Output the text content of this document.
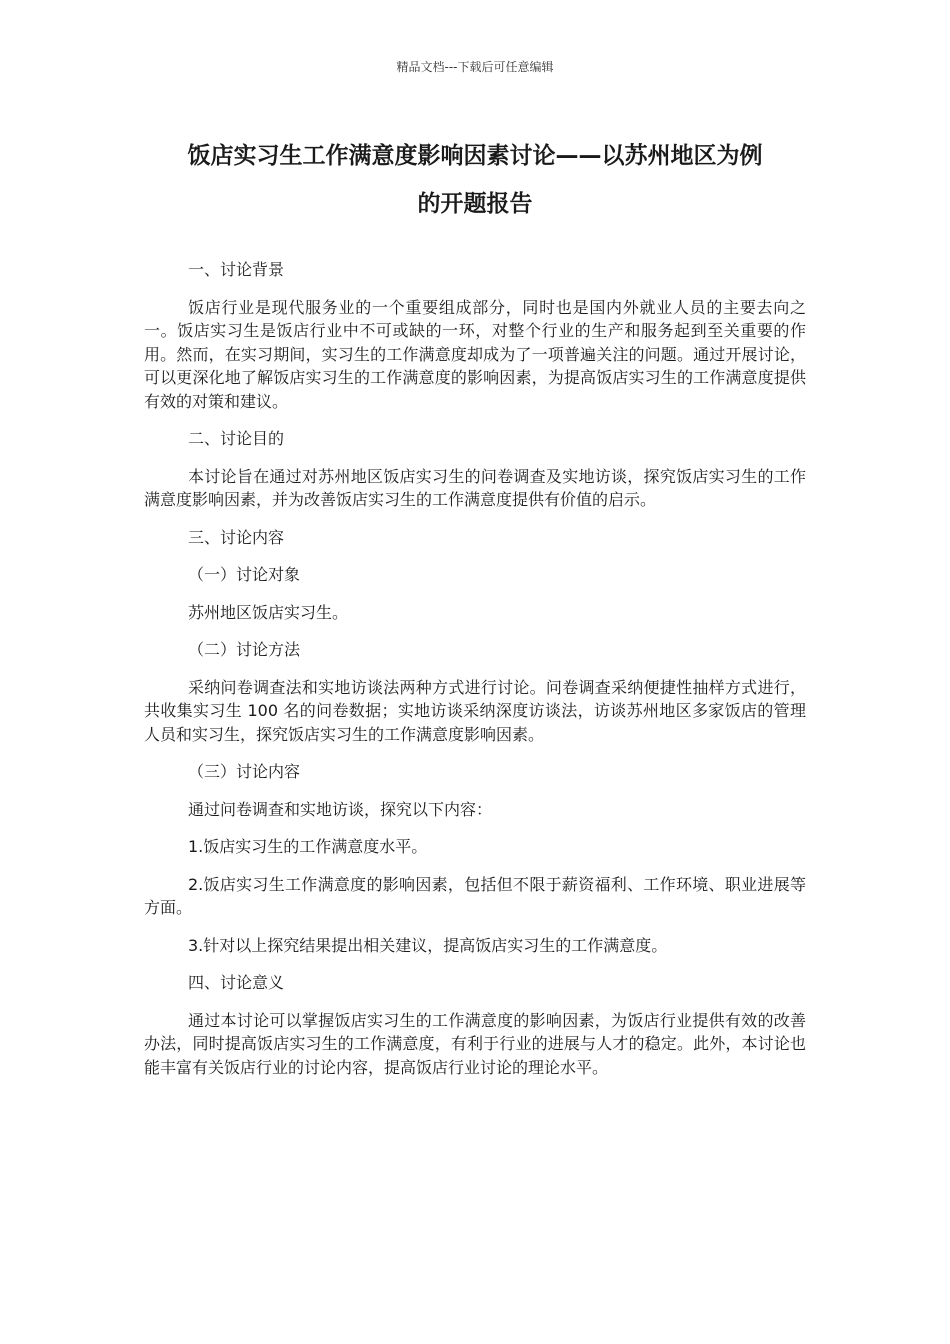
精品文档---下载后可任意编辑
饭店实习生工作满意度影响因素讨论——以苏州地区为例
的开题报告

一、讨论背景

饭店行业是现代服务业的一个重要组成部分，同时也是国内外就业人员的主要去向之一。饭店实习生是饭店行业中不可或缺的一环，对整个行业的生产和服务起到至关重要的作用。然而，在实习期间，实习生的工作满意度却成为了一项普遍关注的问题。通过开展讨论，可以更深化地了解饭店实习生的工作满意度的影响因素，为提高饭店实习生的工作满意度提供有效的对策和建议。

二、讨论目的

本讨论旨在通过对苏州地区饭店实习生的问卷调查及实地访谈，探究饭店实习生的工作满意度影响因素，并为改善饭店实习生的工作满意度提供有价值的启示。

三、讨论内容

（一）讨论对象

苏州地区饭店实习生。

（二）讨论方法

采纳问卷调查法和实地访谈法两种方式进行讨论。问卷调查采纳便捷性抽样方式进行，共收集实习生 100 名的问卷数据；实地访谈采纳深度访谈法，访谈苏州地区多家饭店的管理人员和实习生，探究饭店实习生的工作满意度影响因素。

（三）讨论内容

通过问卷调查和实地访谈，探究以下内容：

1.饭店实习生的工作满意度水平。

2.饭店实习生工作满意度的影响因素，包括但不限于薪资福利、工作环境、职业进展等方面。

3.针对以上探究结果提出相关建议，提高饭店实习生的工作满意度。

四、讨论意义

通过本讨论可以掌握饭店实习生的工作满意度的影响因素，为饭店行业提供有效的改善办法，同时提高饭店实习生的工作满意度，有利于行业的进展与人才的稳定。此外，本讨论也能丰富有关饭店行业的讨论内容，提高饭店行业讨论的理论水平。
